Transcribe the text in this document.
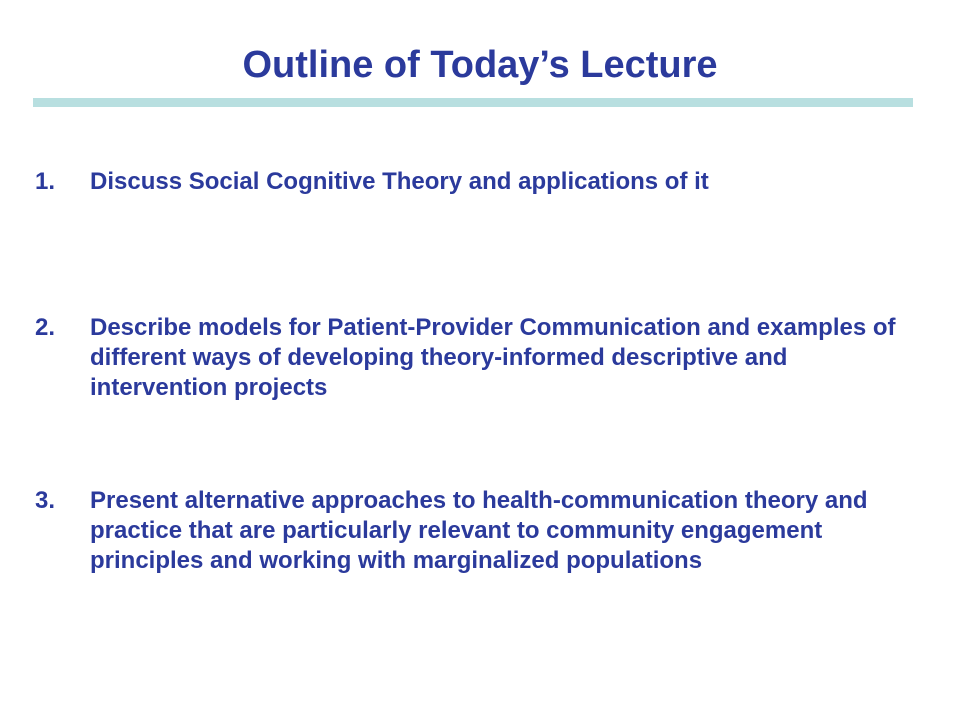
Outline of Today’s Lecture
1. Discuss Social Cognitive Theory and applications of it
2. Describe models for Patient-Provider Communication and examples of different ways of developing theory-informed descriptive and intervention projects
3. Present alternative approaches to health-communication theory and practice that are particularly relevant to community engagement principles and working with marginalized populations
